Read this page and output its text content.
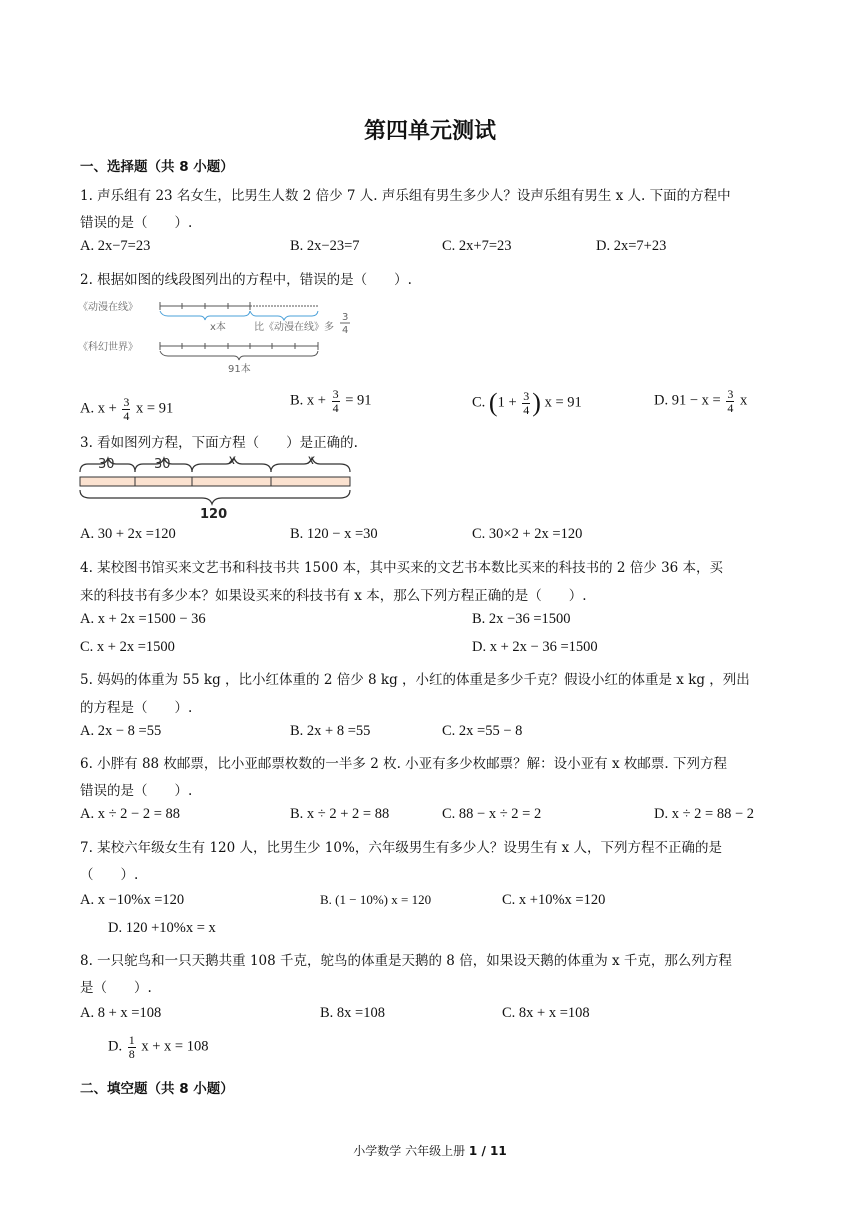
第四单元测试
一、选择题（共 8 小题）
1. 声乐组有 23 名女生，比男生人数 2 倍少 7 人. 声乐组有男生多少人？设声乐组有男生 x 人. 下面的方程中
错误的是（　　）.
A. 2x−7=23	B. 2x−23=7	C. 2x+7=23	D. 2x=7+23
2. 根据如图的线段图列出的方程中，错误的是（　　）.
《动漫在线》
x本	比《动漫在线》多
3
4
《科幻世界》
91本
A. $x + \frac{3}{4}$ x = 91	B. $x + \frac{3}{4} = 91$	C. ($1 + \frac{3}{4}$ ) x = 91	D. $91 - x = \frac{3}{4}$ x
3. 看如图列方程，下面方程（　　）是正确的.
30	30	x	x
120
A. 30 + 2x =120	B. 120 − x =30	C. 30×2 + 2x =120
4. 某校图书馆买来文艺书和科技书共 1500 本，其中买来的文艺书本数比买来的科技书的 2 倍少 36 本，买
来的科技书有多少本？如果设买来的科技书有 x 本，那么下列方程正确的是（　　）.
A. x + 2x =1500 − 36	B. 2x −36 =1500
C. x + 2x =1500	D. x + 2x − 36 =1500
5. 妈妈的体重为 55 kg ，比小红体重的 2 倍少 8 kg ，小红的体重是多少千克？假设小红的体重是 x kg ，列出
的方程是（　　）.
A. 2x − 8 =55	B. 2x + 8 =55	C. 2x =55 − 8
6. 小胖有 88 枚邮票，比小亚邮票枚数的一半多 2 枚. 小亚有多少枚邮票？解：设小亚有 x 枚邮票. 下列方程
错误的是（　　）.
A. x ÷ 2 − 2 = 88	B. x ÷ 2 + 2 = 88	C. 88 − x ÷ 2 = 2	D. x ÷ 2 = 88 − 2
7. 某校六年级女生有 120 人，比男生少 10%，六年级男生有多少人？设男生有 x 人，下列方程不正确的是
（　　）.
A. x −10%x =120	B. (1 − 10%) x = 120	C. x +10%x =120
D. 120 +10%x = x
8. 一只鸵鸟和一只天鹅共重 108 千克，鸵鸟的体重是天鹅的 8 倍，如果设天鹅的体重为 x 千克，那么列方程
是（　　）.
A. 8 + x =108	B. 8x =108	C. 8x + x =108
D. $\frac{1}{8}$ x + x = 108
二、填空题（共 8 小题）
小学数学 六年级上册 1 / 11
